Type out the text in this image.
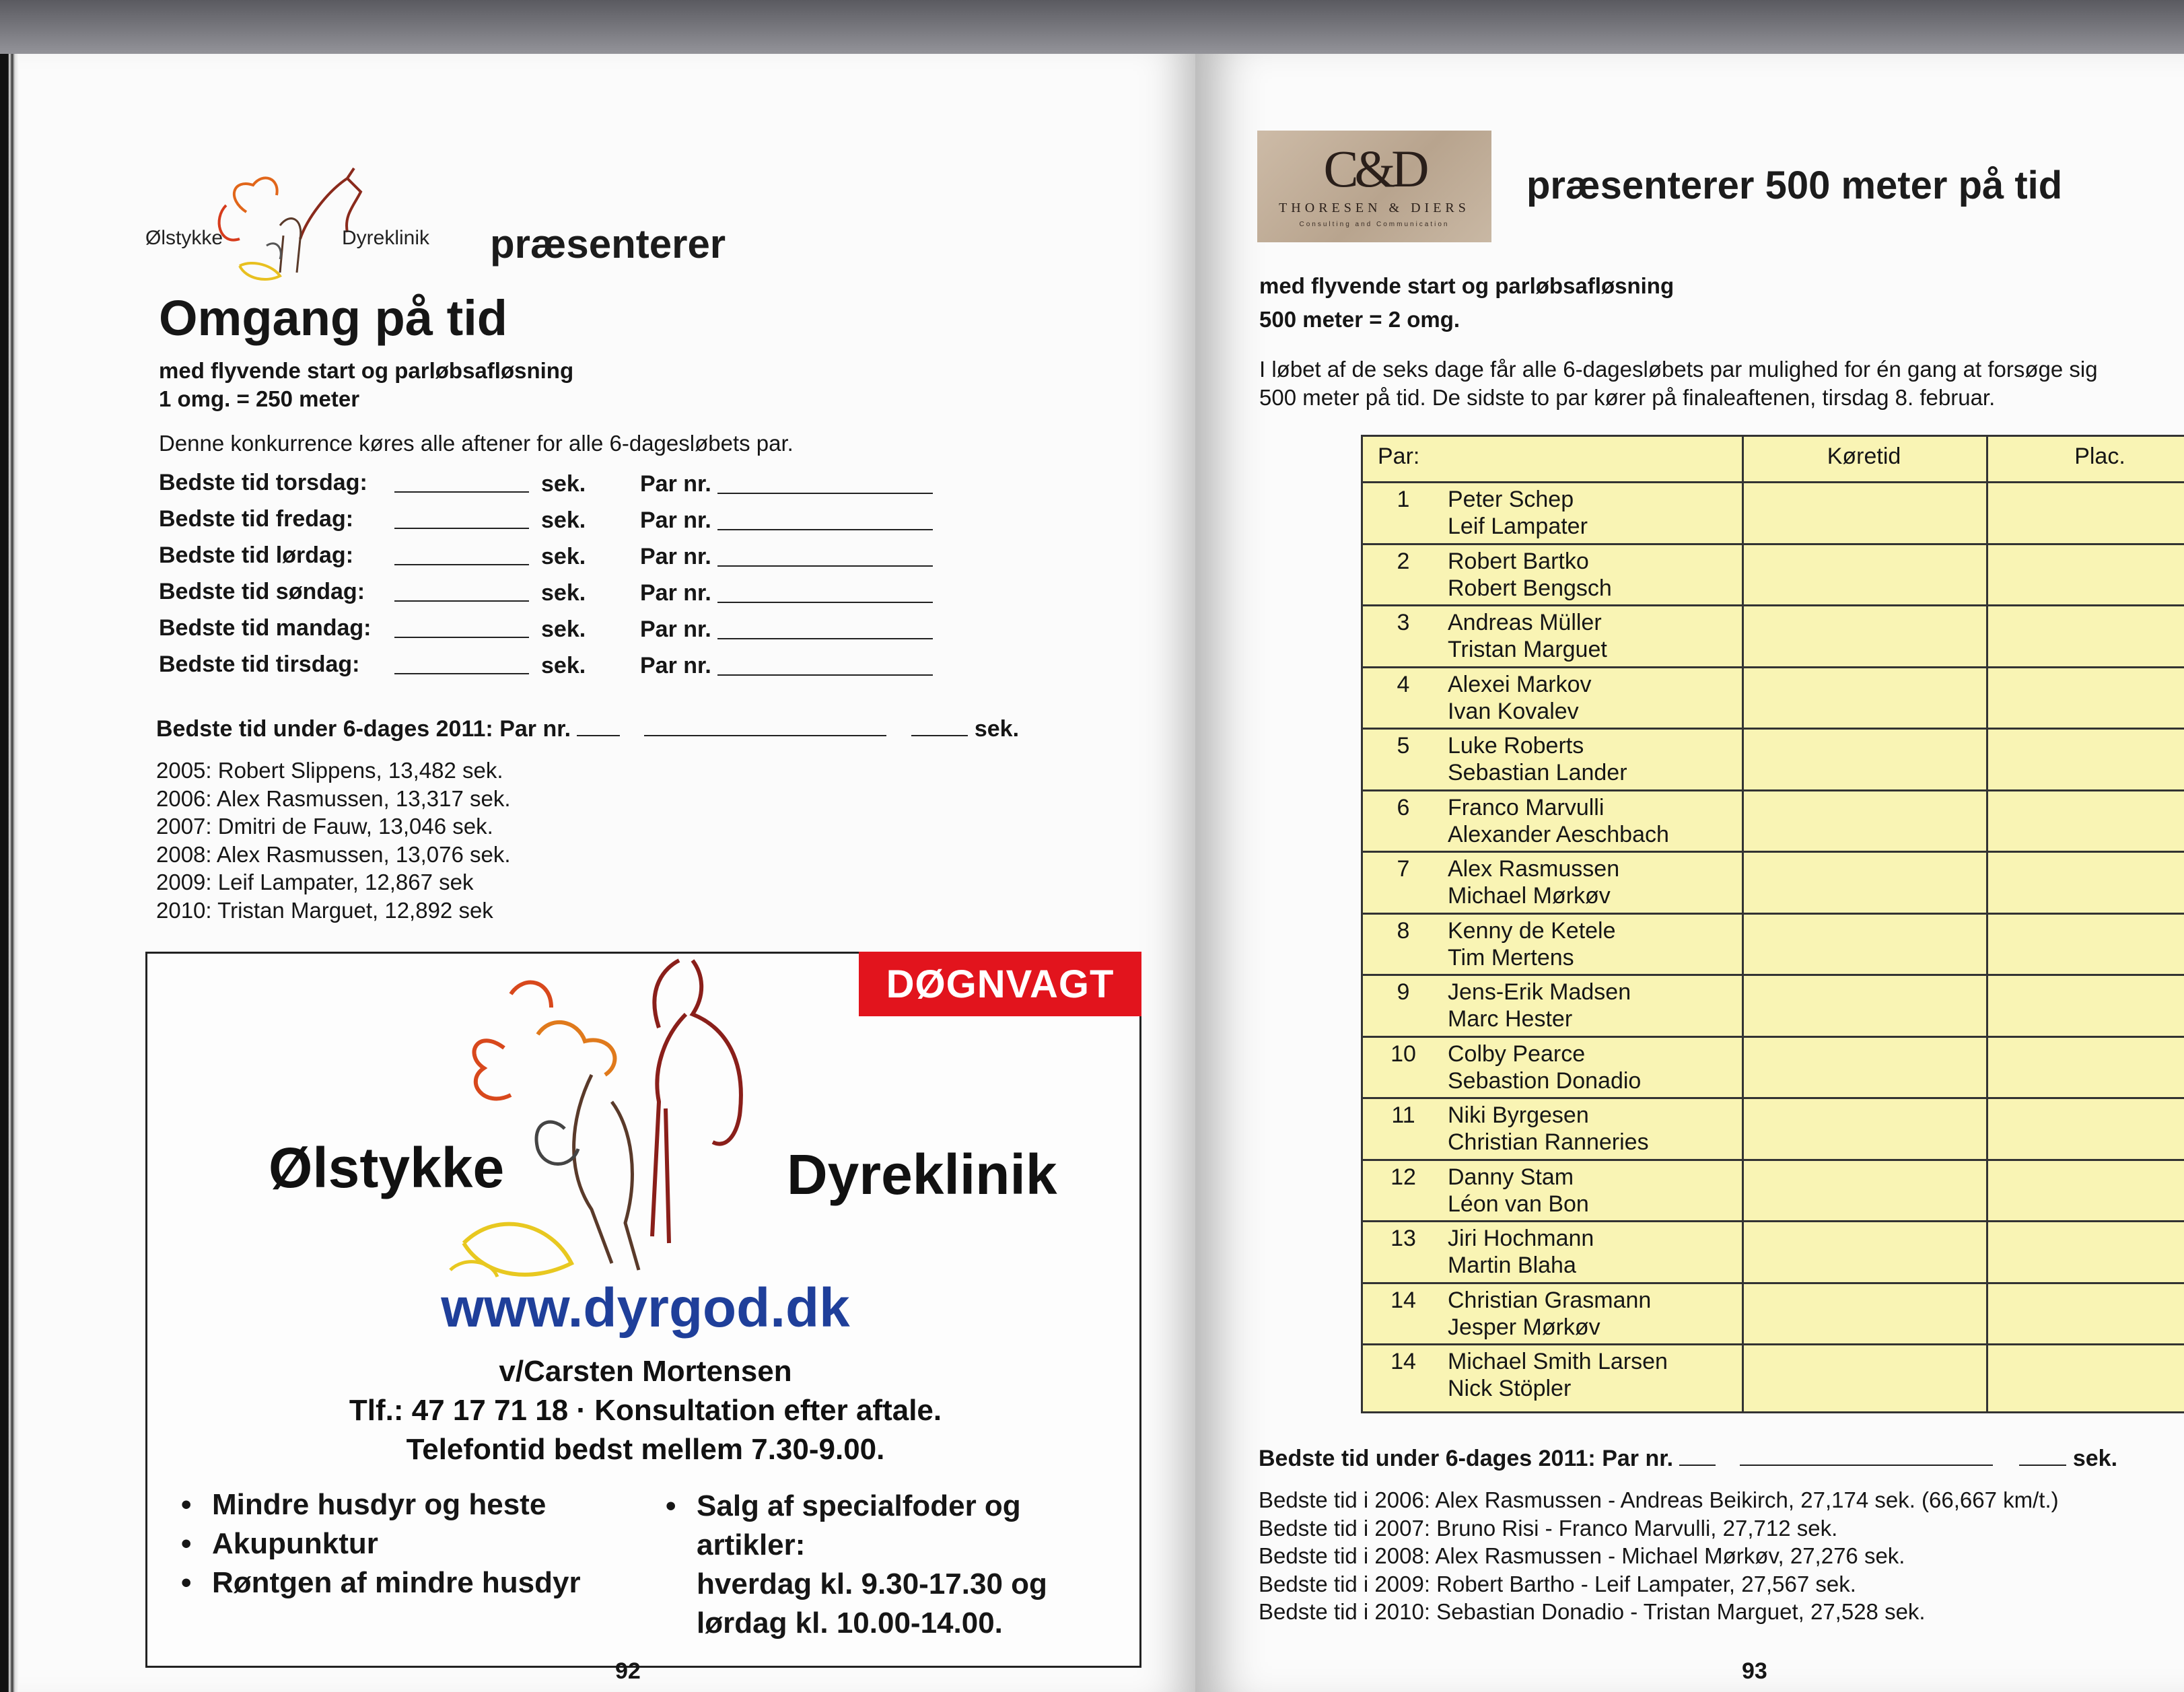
Ølstykke	Dyreklinik præsenterer
Omgang på tid
med flyvende start og parløbsafløsning
1 omg. = 250 meter
Denne konkurrence køres alle aftener for alle 6-dagesløbets par.
Bedste tid torsdag:	sek. Par nr.
Bedste tid fredag:	sek. Par nr.
Bedste tid lørdag:	sek. Par nr.
Bedste tid søndag:	sek. Par nr.
Bedste tid mandag:	sek. Par nr.
Bedste tid tirsdag:	sek. Par nr.
Bedste tid under 6-dages 2011: Par nr.	sek.
2005: Robert Slippens, 13,482 sek.
2006: Alex Rasmussen, 13,317 sek.
2007: Dmitri de Fauw, 13,046 sek.
2008: Alex Rasmussen, 13,076 sek.
2009: Leif Lampater, 12,867 sek
2010: Tristan Marguet, 12,892 sek
DØGNVAGT
Ølstykke	Dyreklinik
www.dyrgod.dk
v/Carsten Mortensen
Tlf.: 47 17 71 18 · Konsultation efter aftale.
Telefontid bedst mellem 7.30-9.00.
• Mindre husdyr og heste
• Akupunktur
• Røntgen af mindre husdyr
• Salg af specialfoder og
artikler:
hverdag kl. 9.30-17.30 og
lørdag kl. 10.00-14.00.
92
C&D
THORESEN & DIERS
Consulting and Communication
præsenterer 500 meter på tid
med flyvende start og parløbsafløsning
500 meter = 2 omg.
I løbet af de seks dage får alle 6-dagesløbets par mulighed for én gang at forsøge sig
500 meter på tid. De sidste to par kører på finaleaftenen, tirsdag 8. februar.
Par:	Køretid	Plac.
1	Peter Schep
Leif Lampater
2	Robert Bartko
Robert Bengsch
3	Andreas Müller
Tristan Marguet
4	Alexei Markov
Ivan Kovalev
5	Luke Roberts
Sebastian Lander
6	Franco Marvulli
Alexander Aeschbach
7	Alex Rasmussen
Michael Mørkøv
8	Kenny de Ketele
Tim Mertens
9	Jens-Erik Madsen
Marc Hester
10	Colby Pearce
Sebastion Donadio
11	Niki Byrgesen
Christian Ranneries
12	Danny Stam
Léon van Bon
13	Jiri Hochmann
Martin Blaha
14	Christian Grasmann
Jesper Mørkøv
14	Michael Smith Larsen
Nick Stöpler
Bedste tid under 6-dages 2011: Par nr.	sek.
Bedste tid i 2006: Alex Rasmussen - Andreas Beikirch, 27,174 sek. (66,667 km/t.)
Bedste tid i 2007: Bruno Risi - Franco Marvulli, 27,712 sek.
Bedste tid i 2008: Alex Rasmussen - Michael Mørkøv, 27,276 sek.
Bedste tid i 2009: Robert Bartho - Leif Lampater, 27,567 sek.
Bedste tid i 2010: Sebastian Donadio - Tristan Marguet, 27,528 sek.
93
